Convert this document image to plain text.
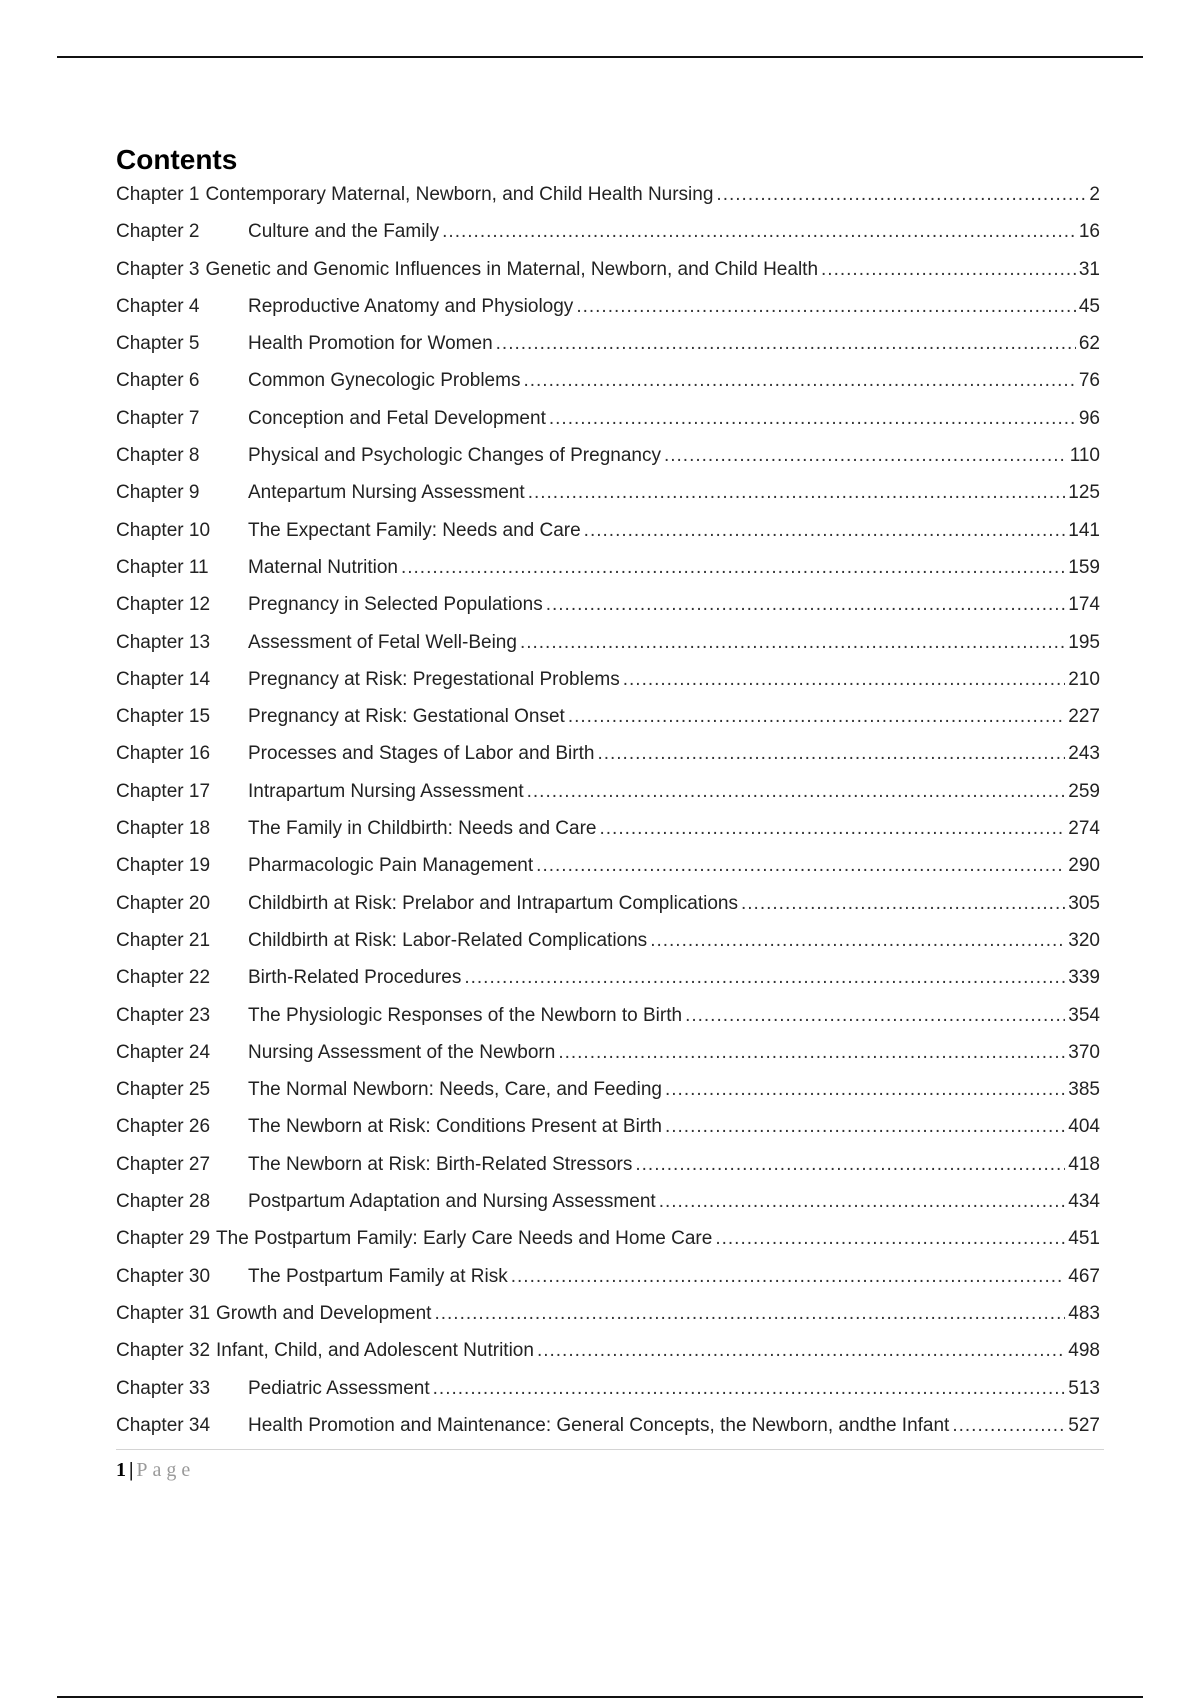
Contents
Chapter 1 Contemporary Maternal, Newborn, and Child Health Nursing .....	2
Chapter 2	Culture and the Family .....	16
Chapter 3 Genetic and Genomic Influences in Maternal, Newborn, and Child Health .....	31
Chapter 4	Reproductive Anatomy and Physiology .....	45
Chapter 5	Health Promotion for Women .....	62
Chapter 6	Common Gynecologic Problems .....	76
Chapter 7	Conception and Fetal Development .....	96
Chapter 8	Physical and Psychologic Changes of Pregnancy .....	110
Chapter 9	Antepartum Nursing Assessment .....	125
Chapter 10	The Expectant Family: Needs and Care .....	141
Chapter 11	Maternal Nutrition .....	159
Chapter 12	Pregnancy in Selected Populations .....	174
Chapter 13	Assessment of Fetal Well-Being .....	195
Chapter 14	Pregnancy at Risk: Pregestational Problems .....	210
Chapter 15	Pregnancy at Risk: Gestational Onset .....	227
Chapter 16	Processes and Stages of Labor and Birth .....	243
Chapter 17	Intrapartum Nursing Assessment .....	259
Chapter 18	The Family in Childbirth: Needs and Care .....	274
Chapter 19	Pharmacologic Pain Management .....	290
Chapter 20	Childbirth at Risk: Prelabor and Intrapartum Complications .....	305
Chapter 21	Childbirth at Risk: Labor-Related Complications .....	320
Chapter 22	Birth-Related Procedures .....	339
Chapter 23	The Physiologic Responses of the Newborn to Birth .....	354
Chapter 24	Nursing Assessment of the Newborn .....	370
Chapter 25	The Normal Newborn: Needs, Care, and Feeding .....	385
Chapter 26	The Newborn at Risk: Conditions Present at Birth .....	404
Chapter 27	The Newborn at Risk: Birth-Related Stressors .....	418
Chapter 28	Postpartum Adaptation and Nursing Assessment .....	434
Chapter 29 The Postpartum Family: Early Care Needs and Home Care .....	451
Chapter 30	The Postpartum Family at Risk .....	467
Chapter 31 Growth and Development .....	483
Chapter 32 Infant, Child, and Adolescent Nutrition .....	498
Chapter 33	Pediatric Assessment .....	513
Chapter 34	Health Promotion and Maintenance: General Concepts, the Newborn, andthe Infant .....	527
1 | Page
